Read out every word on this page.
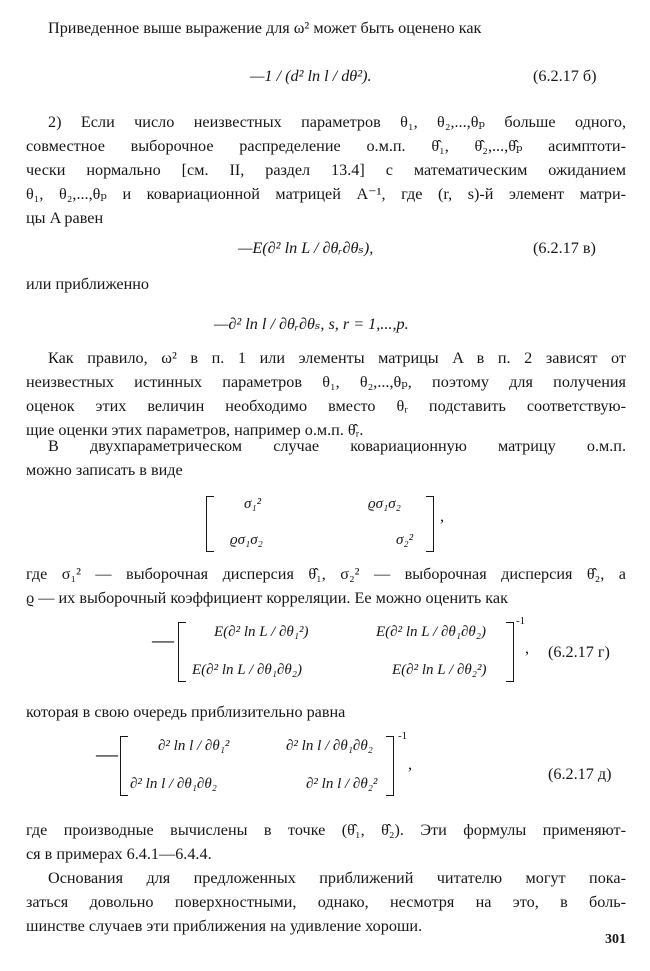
Приведенное выше выражение для ω² может быть оценено как
—1 / (d² ln l / dθ²).	(6.2.17 б)
2) Если число неизвестных параметров θ₁, θ₂,...,θₚ больше одного,
совместное выборочное распределение о.м.п. θ̂₁, θ̂₂,...,θ̂ₚ асимптоти-
чески нормально [см. II, раздел 13.4] с математическим ожиданием
θ₁, θ₂,...,θₚ и ковариационной матрицей A⁻¹, где (r, s)-й элемент матри-
цы A равен
—E(∂² ln L / ∂θᵣ∂θₛ),	(6.2.17 в)
или приближенно
—∂² ln l / ∂θᵣ∂θₛ, s, r = 1,...,p.
Как правило, ω² в п. 1 или элементы матрицы A в п. 2 зависят от
неизвестных истинных параметров θ₁, θ₂,...,θₚ, поэтому для получения
оценок этих величин необходимо вместо θᵣ подставить соответствую-
щие оценки этих параметров, например о.м.п. θ̂ᵣ.
В двухпараметрическом случае ковариационную матрицу о.м.п.
можно записать в виде
σ₁²	ϱσ₁σ₂
ϱσ₁σ₂	σ₂²
,
где σ₁² — выборочная дисперсия θ̂₁, σ₂² — выборочная дисперсия θ̂₂, а
ϱ — их выборочный коэффициент корреляции. Ее можно оценить как
—	E(∂² ln L / ∂θ₁²)	E(∂² ln L / ∂θ₁∂θ₂)
E(∂² ln L / ∂θ₁∂θ₂)	E(∂² ln L / ∂θ₂²)
-1
, (6.2.17 г)
которая в свою очередь приблизительно равна
—	∂² ln l / ∂θ₁²	∂² ln l / ∂θ₁∂θ₂
∂² ln l / ∂θ₁∂θ₂	∂² ln l / ∂θ₂²
-1
,
(6.2.17 д)
где производные вычислены в точке (θ̂₁, θ̂₂). Эти формулы применяют-
ся в примерах 6.4.1—6.4.4.
Основания для предложенных приближений читателю могут пока-
заться довольно поверхностными, однако, несмотря на это, в боль-
шинстве случаев эти приближения на удивление хороши.
301
